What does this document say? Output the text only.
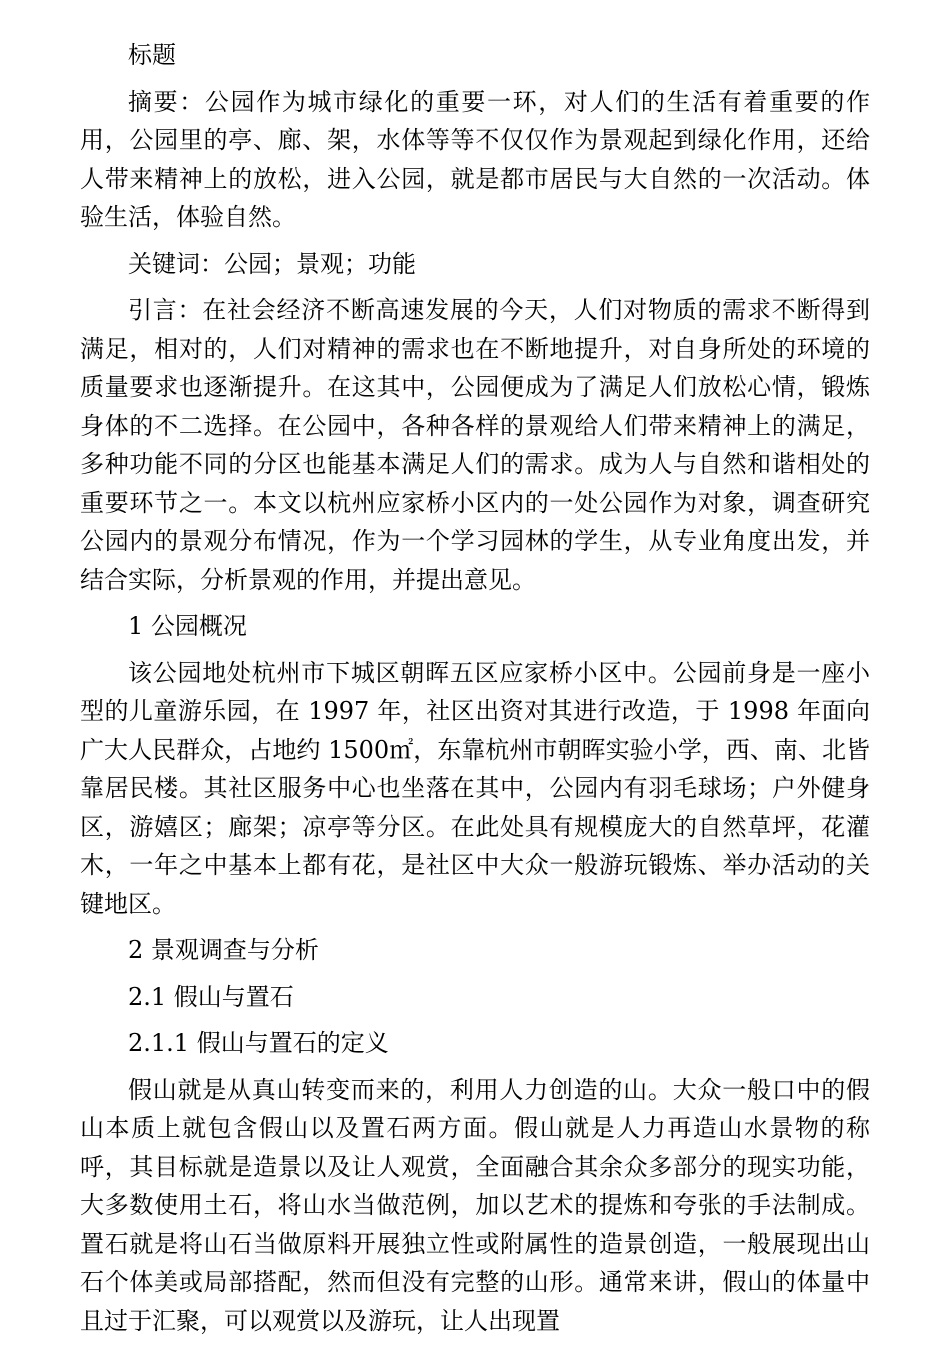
标题

摘要：公园作为城市绿化的重要一环，对人们的生活有着重要的作用，公园里的亭、廊、架，水体等等不仅仅作为景观起到绿化作用，还给人带来精神上的放松，进入公园，就是都市居民与大自然的一次活动。体验生活，体验自然。

关键词：公园；景观；功能

引言：在社会经济不断高速发展的今天，人们对物质的需求不断得到满足，相对的，人们对精神的需求也在不断地提升，对自身所处的环境的质量要求也逐渐提升。在这其中，公园便成为了满足人们放松心情，锻炼身体的不二选择。在公园中，各种各样的景观给人们带来精神上的满足，多种功能不同的分区也能基本满足人们的需求。成为人与自然和谐相处的重要环节之一。本文以杭州应家桥小区内的一处公园作为对象，调查研究公园内的景观分布情况，作为一个学习园林的学生，从专业角度出发，并结合实际，分析景观的作用，并提出意见。

1 公园概况

该公园地处杭州市下城区朝晖五区应家桥小区中。公园前身是一座小型的儿童游乐园，在 1997 年，社区出资对其进行改造，于 1998 年面向广大人民群众，占地约 1500㎡，东靠杭州市朝晖实验小学，西、南、北皆靠居民楼。其社区服务中心也坐落在其中，公园内有羽毛球场；户外健身区，游嬉区；廊架；凉亭等分区。在此处具有规模庞大的自然草坪，花灌木，一年之中基本上都有花，是社区中大众一般游玩锻炼、举办活动的关键地区。

2 景观调查与分析

2.1 假山与置石

2.1.1 假山与置石的定义

假山就是从真山转变而来的，利用人力创造的山。大众一般口中的假山本质上就包含假山以及置石两方面。假山就是人力再造山水景物的称呼，其目标就是造景以及让人观赏，全面融合其余众多部分的现实功能，大多数使用土石，将山水当做范例，加以艺术的提炼和夸张的手法制成。置石就是将山石当做原料开展独立性或附属性的造景创造，一般展现出山石个体美或局部搭配，然而但没有完整的山形。通常来讲，假山的体量中且过于汇聚，可以观赏以及游玩，让人出现置
